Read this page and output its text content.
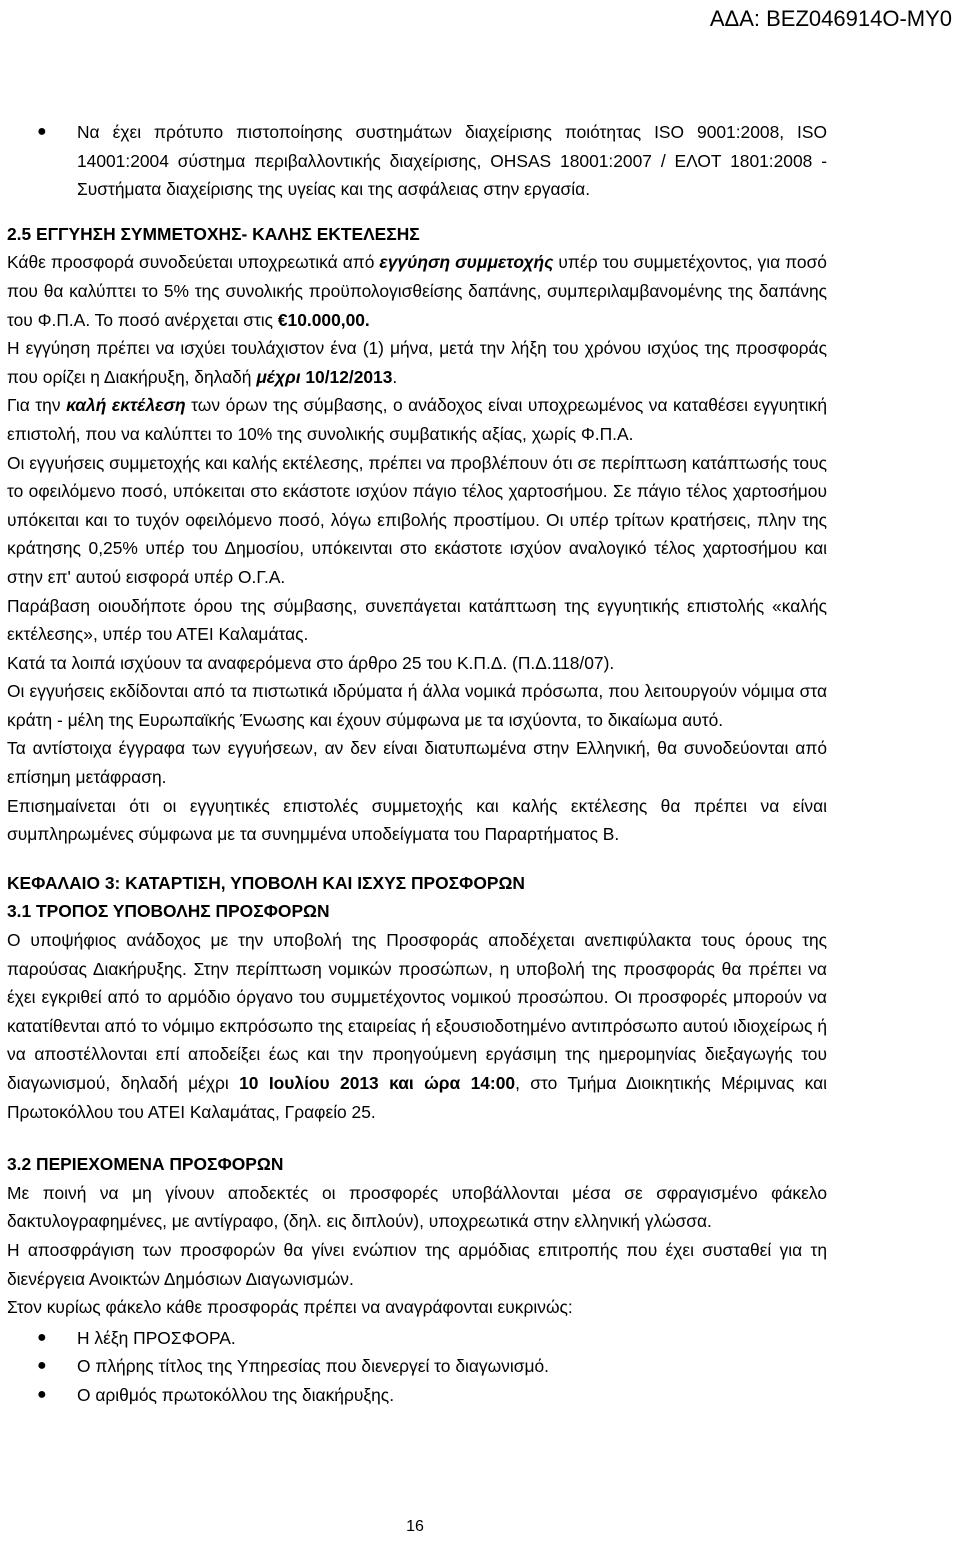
ΑΔΑ: ΒΕΖ046914Ο-ΜΥ0

● Να έχει πρότυπο πιστοποίησης συστημάτων διαχείρισης ποιότητας ISO 9001:2008, ISO 14001:2004 σύστημα περιβαλλοντικής διαχείρισης, OHSAS 18001:2007 / ΕΛΟΤ 1801:2008 - Συστήματα διαχείρισης της υγείας και της ασφάλειας στην εργασία.

2.5 ΕΓΓΥΗΣΗ ΣΥΜΜΕΤΟΧΗΣ- ΚΑΛΗΣ ΕΚΤΕΛΕΣΗΣ

Κάθε προσφορά συνοδεύεται υποχρεωτικά από εγγύηση συμμετοχής υπέρ του συμμετέχοντος, για ποσό που θα καλύπτει το 5% της συνολικής προϋπολογισθείσης δαπάνης, συμπεριλαμβανομένης της δαπάνης του Φ.Π.Α. Το ποσό ανέρχεται στις €10.000,00.

Η εγγύηση πρέπει να ισχύει τουλάχιστον ένα (1) μήνα, μετά την λήξη του χρόνου ισχύος της προσφοράς που ορίζει η Διακήρυξη, δηλαδή μέχρι 10/12/2013.

Για την καλή εκτέλεση των όρων της σύμβασης, ο ανάδοχος είναι υποχρεωμένος να καταθέσει εγγυητική επιστολή, που να καλύπτει το 10% της συνολικής συμβατικής αξίας, χωρίς Φ.Π.Α.

Οι εγγυήσεις συμμετοχής και καλής εκτέλεσης, πρέπει να προβλέπουν ότι σε περίπτωση κατάπτωσής τους το οφειλόμενο ποσό, υπόκειται στο εκάστοτε ισχύον πάγιο τέλος χαρτοσήμου. Σε πάγιο τέλος χαρτοσήμου υπόκειται και το τυχόν οφειλόμενο ποσό, λόγω επιβολής προστίμου. Οι υπέρ τρίτων κρατήσεις, πλην της κράτησης 0,25% υπέρ του Δημοσίου, υπόκεινται στο εκάστοτε ισχύον αναλογικό τέλος χαρτοσήμου και στην επ' αυτού εισφορά υπέρ Ο.Γ.Α.

Παράβαση οιουδήποτε όρου της σύμβασης, συνεπάγεται κατάπτωση της εγγυητικής επιστολής «καλής εκτέλεσης», υπέρ του ΑΤΕΙ Καλαμάτας.

Κατά τα λοιπά ισχύουν τα αναφερόμενα στο άρθρο 25 του Κ.Π.Δ. (Π.Δ.118/07).

Οι εγγυήσεις εκδίδονται από τα πιστωτικά ιδρύματα ή άλλα νομικά πρόσωπα, που λειτουργούν νόμιμα στα κράτη - μέλη της Ευρωπαϊκής Ένωσης και έχουν σύμφωνα με τα ισχύοντα, το δικαίωμα αυτό.

Τα αντίστοιχα έγγραφα των εγγυήσεων, αν δεν είναι διατυπωμένα στην Ελληνική, θα συνοδεύονται από επίσημη μετάφραση.

Επισημαίνεται ότι οι εγγυητικές επιστολές συμμετοχής και καλής εκτέλεσης θα πρέπει να είναι συμπληρωμένες σύμφωνα με τα συνημμένα υποδείγματα του Παραρτήματος Β.

ΚΕΦΑΛΑΙΟ 3: ΚΑΤΑΡΤΙΣΗ, ΥΠΟΒΟΛΗ ΚΑΙ ΙΣΧΥΣ ΠΡΟΣΦΟΡΩΝ
3.1 ΤΡΟΠΟΣ ΥΠΟΒΟΛΗΣ ΠΡΟΣΦΟΡΩΝ

Ο υποψήφιος ανάδοχος με την υποβολή της Προσφοράς αποδέχεται ανεπιφύλακτα τους όρους της παρούσας Διακήρυξης. Στην περίπτωση νομικών προσώπων, η υποβολή της προσφοράς θα πρέπει να έχει εγκριθεί από το αρμόδιο όργανο του συμμετέχοντος νομικού προσώπου. Οι προσφορές μπορούν να κατατίθενται από το νόμιμο εκπρόσωπο της εταιρείας ή εξουσιοδοτημένο αντιπρόσωπο αυτού ιδιοχείρως ή να αποστέλλονται επί αποδείξει έως και την προηγούμενη εργάσιμη της ημερομηνίας διεξαγωγής του διαγωνισμού, δηλαδή μέχρι 10 Ιουλίου 2013 και ώρα 14:00, στο Τμήμα Διοικητικής Μέριμνας και Πρωτοκόλλου του ΑΤΕΙ Καλαμάτας, Γραφείο 25.

3.2 ΠΕΡΙΕΧΟΜΕΝΑ ΠΡΟΣΦΟΡΩΝ

Με ποινή να μη γίνουν αποδεκτές οι προσφορές υποβάλλονται μέσα σε σφραγισμένο φάκελο δακτυλογραφημένες, με αντίγραφο, (δηλ. εις διπλούν), υποχρεωτικά στην ελληνική γλώσσα.

Η αποσφράγιση των προσφορών θα γίνει ενώπιον της αρμόδιας επιτροπής που έχει συσταθεί για τη διενέργεια Ανοικτών Δημόσιων Διαγωνισμών.

Στον κυρίως φάκελο κάθε προσφοράς πρέπει να αναγράφονται ευκρινώς:

● Η λέξη ΠΡΟΣΦΟΡΑ.

● Ο πλήρης τίτλος της Υπηρεσίας που διενεργεί το διαγωνισμό.

● Ο αριθμός πρωτοκόλλου της διακήρυξης.

16
